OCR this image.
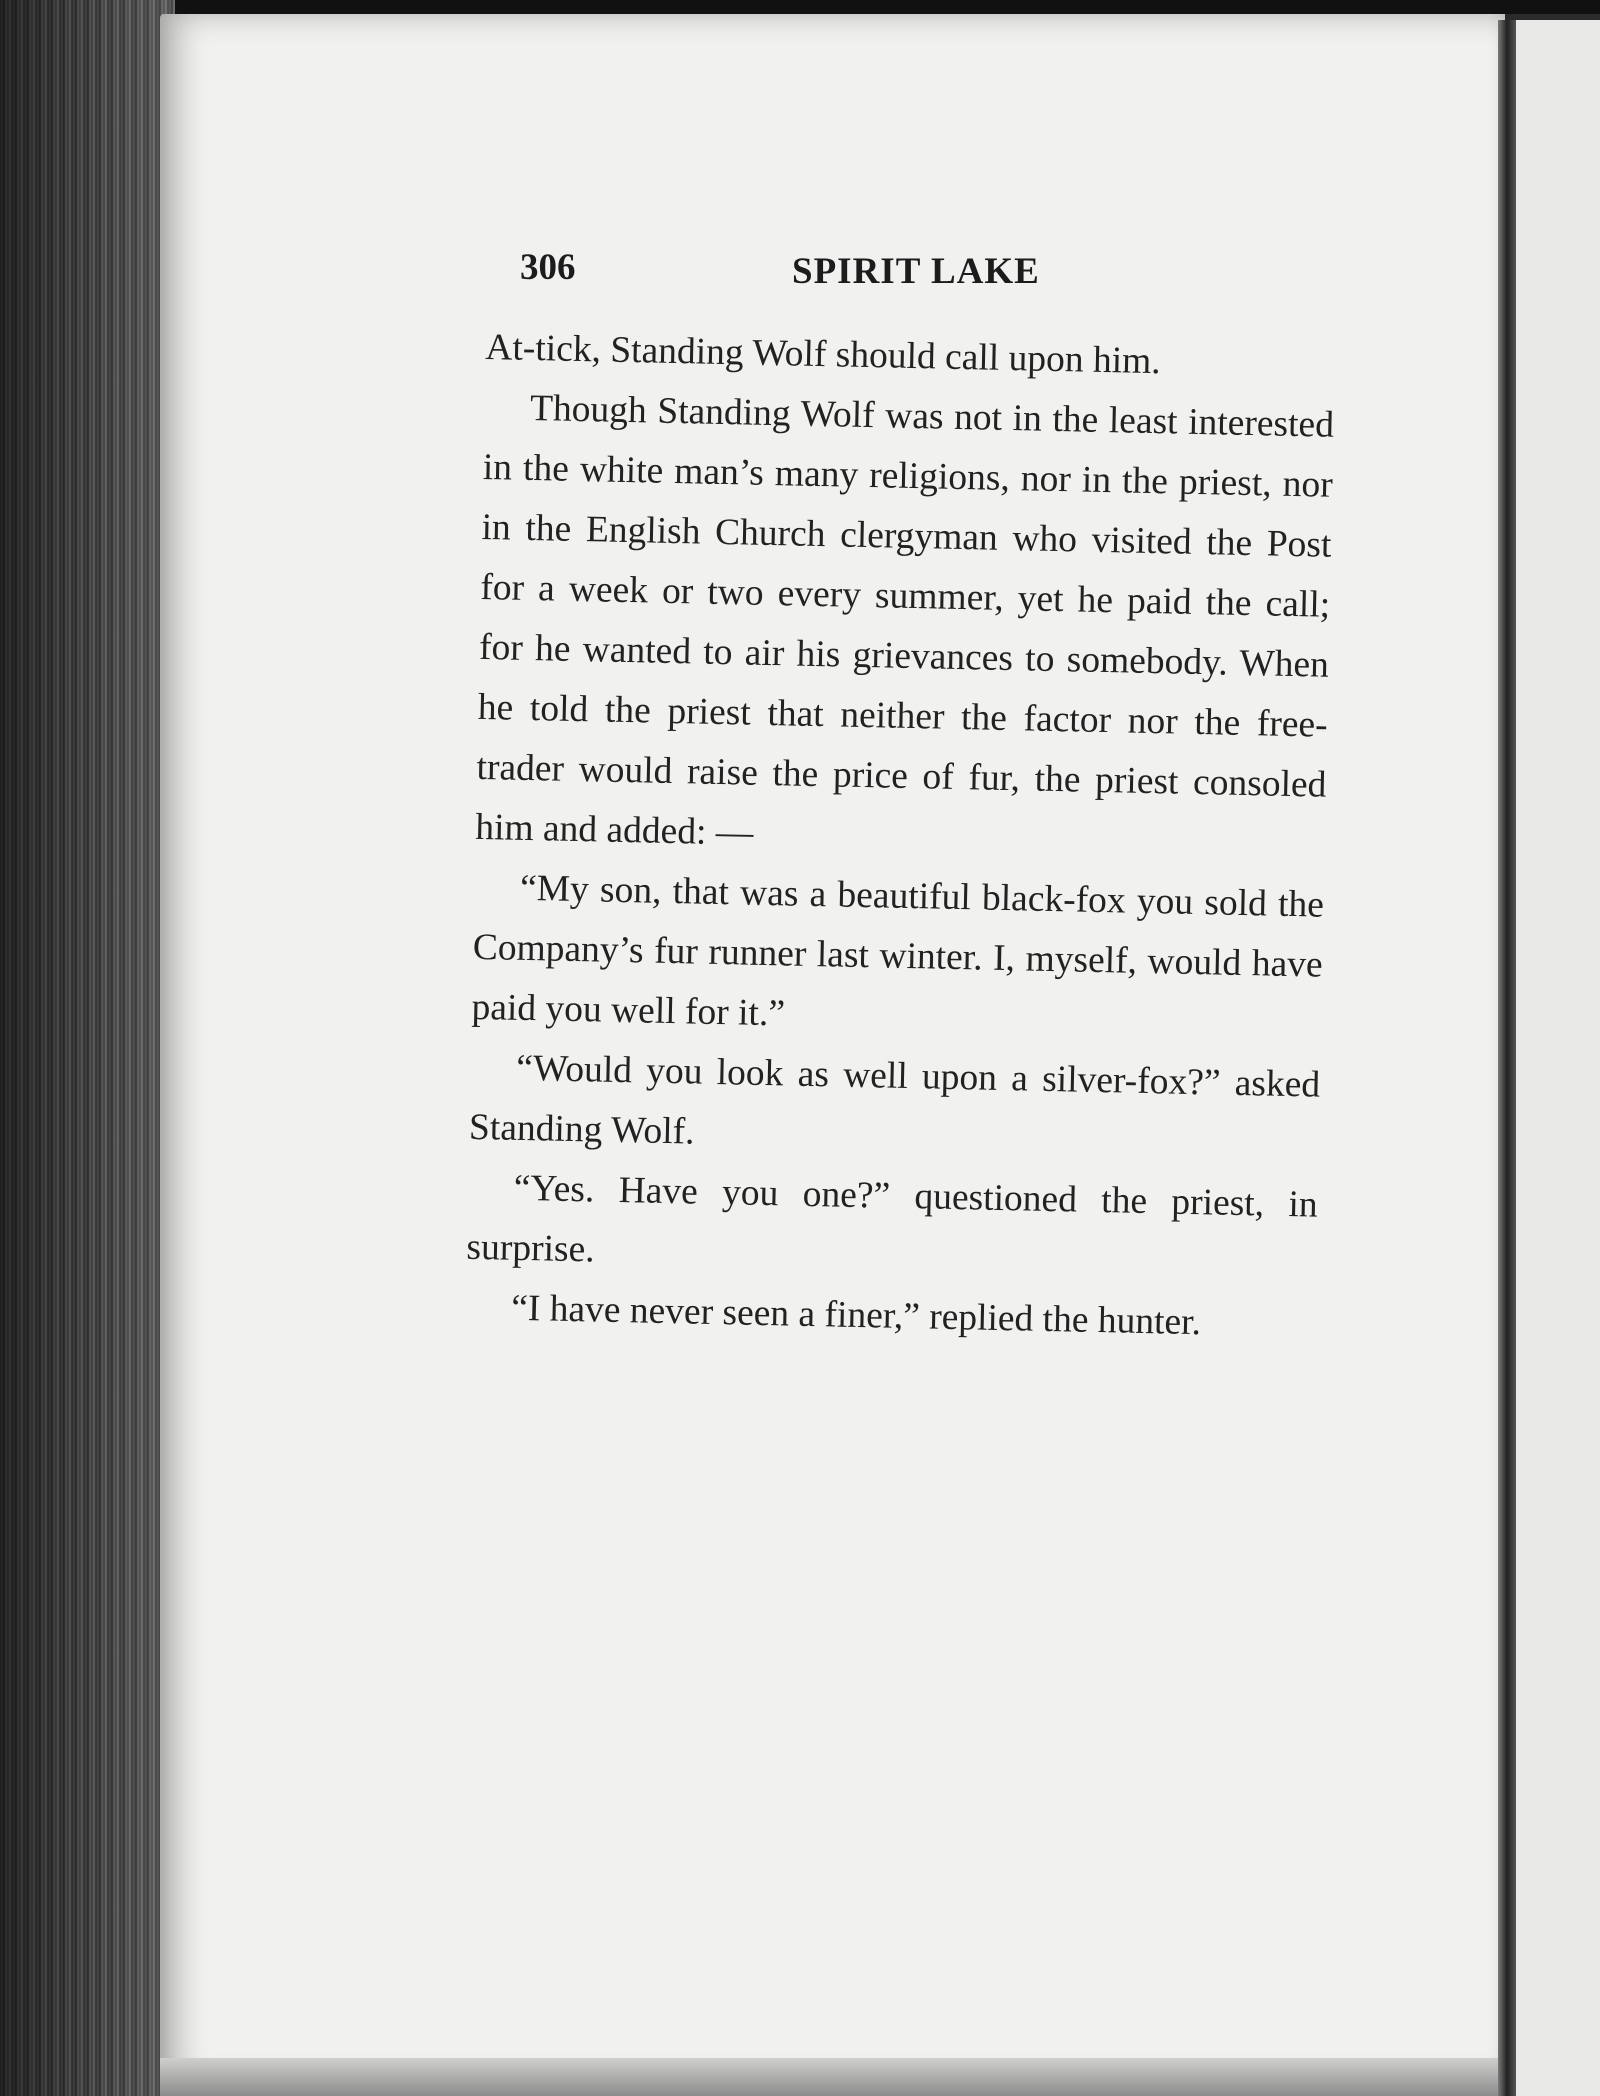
306	SPIRIT LAKE

At-tick, Standing Wolf should call upon him.

Though Standing Wolf was not in the least interested in the white man’s many religions, nor in the priest, nor in the English Church clergyman who visited the Post for a week or two every summer, yet he paid the call; for he wanted to air his grievances to somebody. When he told the priest that neither the factor nor the free-trader would raise the price of fur, the priest consoled him and added: —

“My son, that was a beautiful black-fox you sold the Company’s fur runner last winter. I, myself, would have paid you well for it.”

“Would you look as well upon a silver-fox?” asked Standing Wolf.

“Yes. Have you one?” questioned the priest, in surprise.

“I have never seen a finer,” replied the hunter.
